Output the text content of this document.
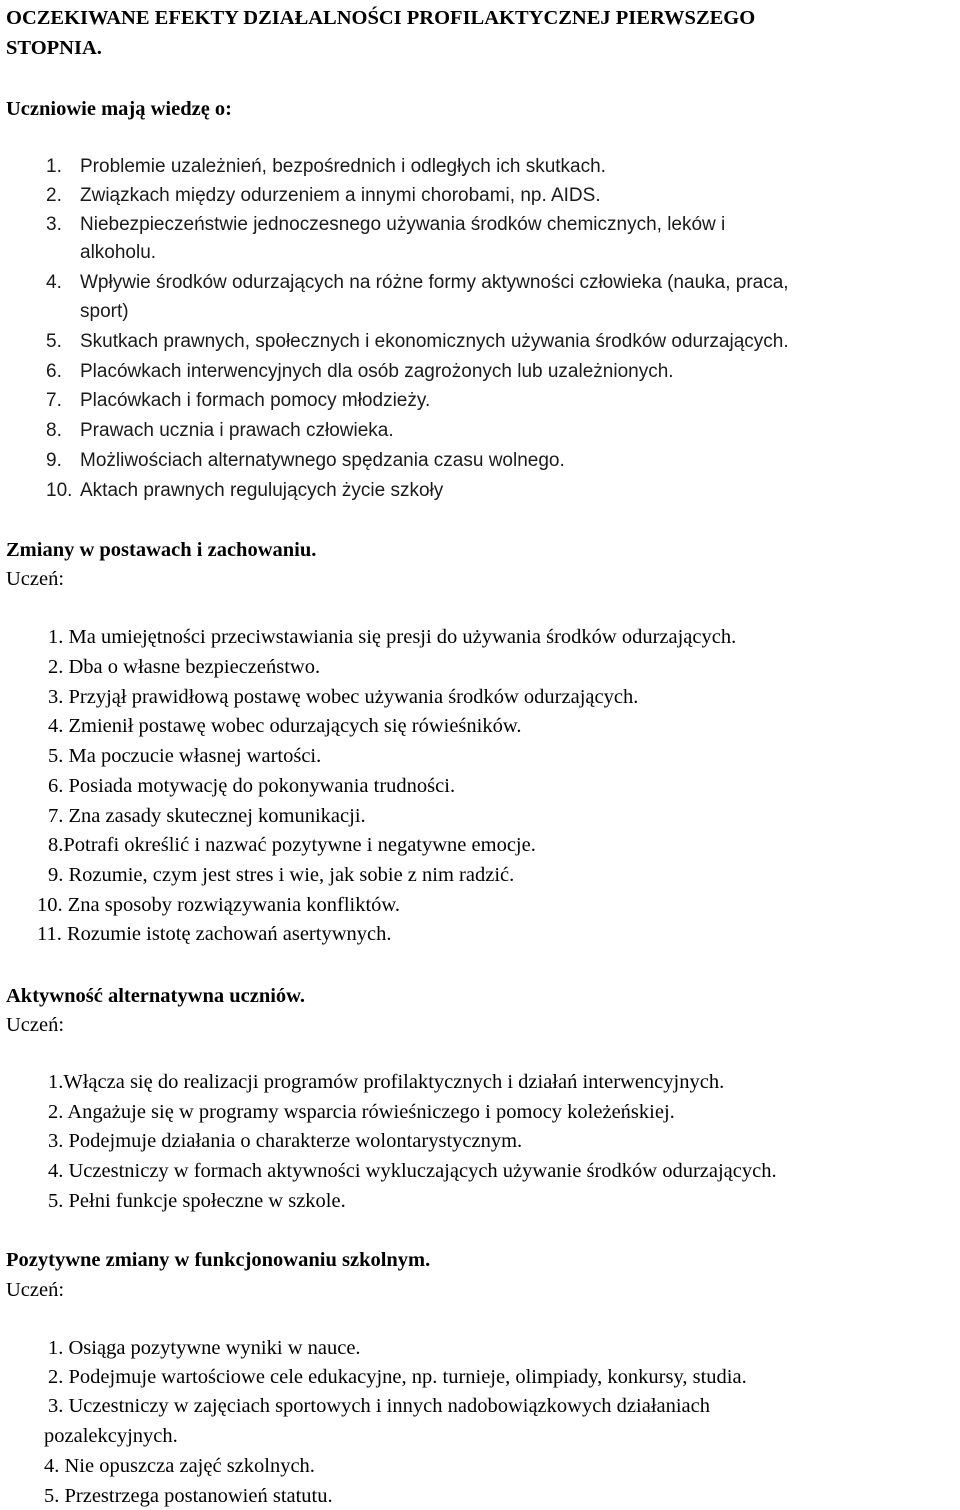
OCZEKIWANE EFEKTY DZIAŁALNOŚCI PROFILAKTYCZNEJ PIERWSZEGO
STOPNIA.
Uczniowie mają wiedzę o:
1. Problemie uzależnień, bezpośrednich i odległych ich skutkach.
2. Związkach między odurzeniem a innymi chorobami, np. AIDS.
3. Niebezpieczeństwie jednoczesnego używania środków chemicznych, leków i
alkoholu.
4. Wpływie środków odurzających na różne formy aktywności człowieka (nauka, praca,
sport)
5. Skutkach prawnych, społecznych i ekonomicznych używania środków odurzających.
6. Placówkach interwencyjnych dla osób zagrożonych lub uzależnionych.
7. Placówkach i formach pomocy młodzieży.
8. Prawach ucznia i prawach człowieka.
9. Możliwościach alternatywnego spędzania czasu wolnego.
10. Aktach prawnych regulujących życie szkoły
Zmiany w postawach i zachowaniu.
Uczeń:
1. Ma umiejętności przeciwstawiania się presji do używania środków odurzających.
2. Dba o własne bezpieczeństwo.
3. Przyjął prawidłową postawę wobec używania środków odurzających.
4. Zmienił postawę wobec odurzających się rówieśników.
5. Ma poczucie własnej wartości.
6. Posiada motywację do pokonywania trudności.
7. Zna zasady skutecznej komunikacji.
8.Potrafi określić i nazwać pozytywne i negatywne emocje.
9. Rozumie, czym jest stres i wie, jak sobie z nim radzić.
10. Zna sposoby rozwiązywania konfliktów.
11. Rozumie istotę zachowań asertywnych.
Aktywność alternatywna uczniów.
Uczeń:
1.Włącza się do realizacji programów profilaktycznych i działań interwencyjnych.
2. Angażuje się w programy wsparcia rówieśniczego i pomocy koleżeńskiej.
3. Podejmuje działania o charakterze wolontarystycznym.
4. Uczestniczy w formach aktywności wykluczających używanie środków odurzających.
5. Pełni funkcje społeczne w szkole.
Pozytywne zmiany w funkcjonowaniu szkolnym.
Uczeń:
1. Osiąga pozytywne wyniki w nauce.
2. Podejmuje wartościowe cele edukacyjne, np. turnieje, olimpiady, konkursy, studia.
3. Uczestniczy w zajęciach sportowych i innych nadobowiązkowych działaniach
pozalekcyjnych.
4. Nie opuszcza zajęć szkolnych.
5. Przestrzega postanowień statutu.
